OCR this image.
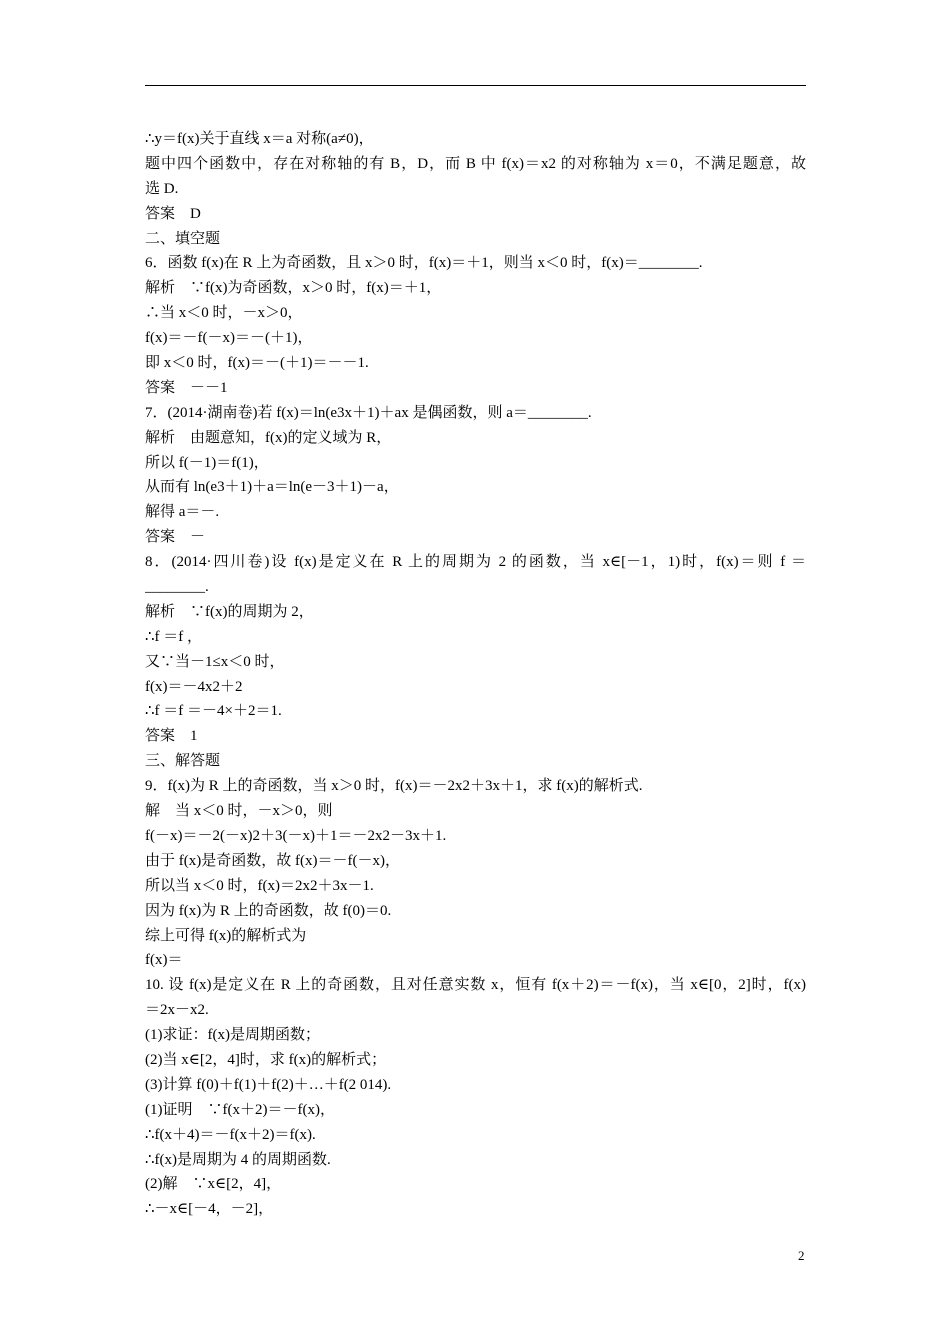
∴y＝f(x)关于直线 x＝a 对称(a≠0)，
题中四个函数中，存在对称轴的有 B，D，而 B 中 f(x)＝x2 的对称轴为 x＝0，不满足题意，故
选 D.
答案　D
二、填空题
6．函数 f(x)在 R 上为奇函数，且 x＞0 时，f(x)＝＋1，则当 x＜0 时，f(x)＝________.
解析　∵f(x)为奇函数，x＞0 时，f(x)＝＋1，
∴当 x＜0 时，－x＞0，
f(x)＝－f(－x)＝－(＋1)，
即 x＜0 时，f(x)＝－(＋1)＝－－1.
答案　－－1
7．(2014·湖南卷)若 f(x)＝ln(e3x＋1)＋ax 是偶函数，则 a＝________.
解析　由题意知，f(x)的定义域为 R，
所以 f(－1)＝f(1)，
从而有 ln(e3＋1)＋a＝ln(e－3＋1)－a，
解得 a＝－.
答案　－
8．(2014·四川卷)设 f(x)是定义在 R 上的周期为 2 的函数，当 x∈[－1，1)时，f(x)＝则 f ＝
________.
解析　∵f(x)的周期为 2，
∴f ＝f ，
又∵当－1≤x＜0 时，
f(x)＝－4x2＋2
∴f ＝f ＝－4×＋2＝1.
答案　1
三、解答题
9．f(x)为 R 上的奇函数，当 x＞0 时，f(x)＝－2x2＋3x＋1，求 f(x)的解析式.
解　当 x＜0 时，－x＞0，则
f(－x)＝－2(－x)2＋3(－x)＋1＝－2x2－3x＋1.
由于 f(x)是奇函数，故 f(x)＝－f(－x)，
所以当 x＜0 时，f(x)＝2x2＋3x－1.
因为 f(x)为 R 上的奇函数，故 f(0)＝0.
综上可得 f(x)的解析式为
f(x)＝
10. 设 f(x)是定义在 R 上的奇函数，且对任意实数 x，恒有 f(x＋2)＝－f(x)，当 x∈[0，2]时，f(x)
＝2x－x2.
(1)求证：f(x)是周期函数；
(2)当 x∈[2，4]时，求 f(x)的解析式；
(3)计算 f(0)＋f(1)＋f(2)＋…＋f(2 014).
(1)证明　∵f(x＋2)＝－f(x)，
∴f(x＋4)＝－f(x＋2)＝f(x).
∴f(x)是周期为 4 的周期函数.
(2)解　∵x∈[2，4]，
∴－x∈[－4，－2]，
2
